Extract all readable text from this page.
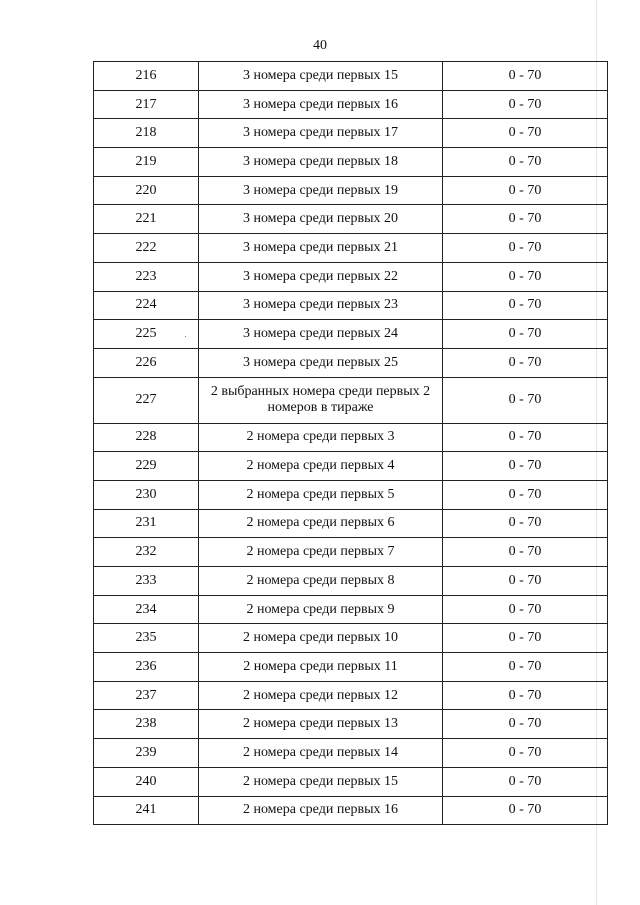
40
216	3 номера среди первых 15	0 - 70
217	3 номера среди первых 16	0 - 70
218	3 номера среди первых 17	0 - 70
219	3 номера среди первых 18	0 - 70
220	3 номера среди первых 19	0 - 70
221	3 номера среди первых 20	0 - 70
222	3 номера среди первых 21	0 - 70
223	3 номера среди первых 22	0 - 70
224	3 номера среди первых 23	0 - 70
225	3 номера среди первых 24	0 - 70
226	3 номера среди первых 25	0 - 70
227	2 выбранных номера среди первых 2 номеров в тираже	0 - 70
228	2 номера среди первых 3	0 - 70
229	2 номера среди первых 4	0 - 70
230	2 номера среди первых 5	0 - 70
231	2 номера среди первых 6	0 - 70
232	2 номера среди первых 7	0 - 70
233	2 номера среди первых 8	0 - 70
234	2 номера среди первых 9	0 - 70
235	2 номера среди первых 10	0 - 70
236	2 номера среди первых 11	0 - 70
237	2 номера среди первых 12	0 - 70
238	2 номера среди первых 13	0 - 70
239	2 номера среди первых 14	0 - 70
240	2 номера среди первых 15	0 - 70
241	2 номера среди первых 16	0 - 70
